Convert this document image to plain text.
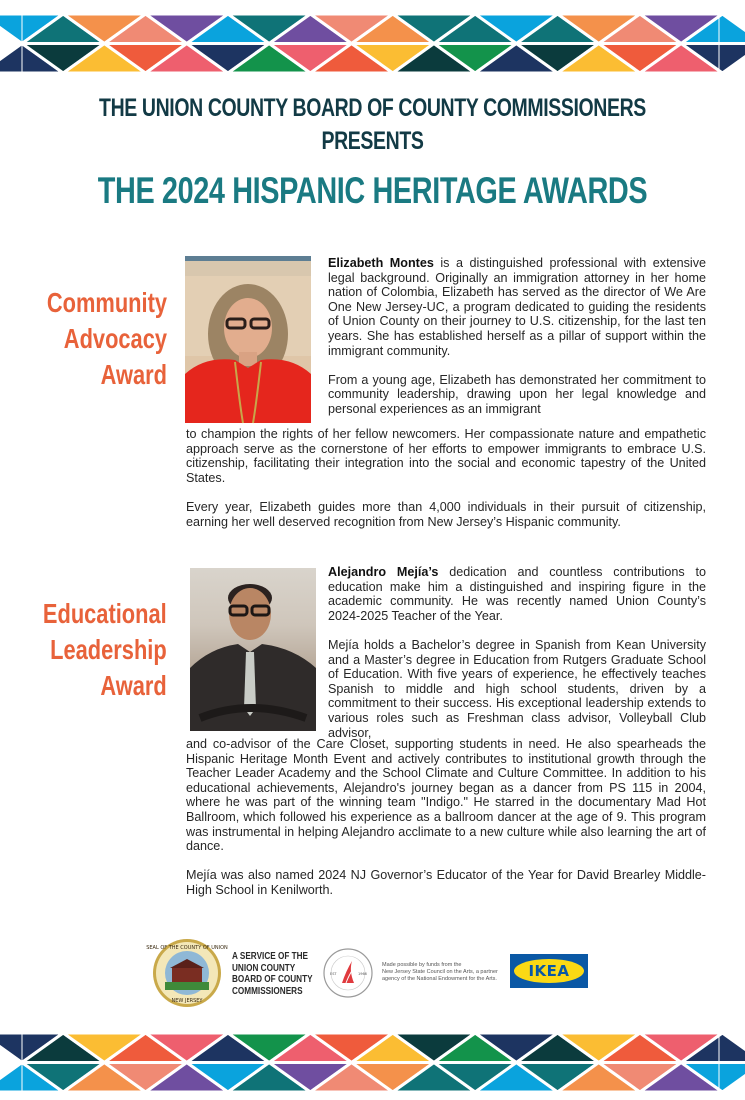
THE UNION COUNTY BOARD OF COUNTY COMMISSIONERS
PRESENTS
THE 2024 HISPANIC HERITAGE AWARDS
Community
Advocacy
Award

Elizabeth Montes is a distinguished professional with extensive legal background. Originally an immigration attorney in her home nation of Colombia, Elizabeth has served as the director of We Are One New Jersey-UC, a program dedicated to guiding the residents of Union County on their journey to U.S. citizenship, for the last ten years. She has established herself as a pillar of support within the immigrant community.

From a young age, Elizabeth has demonstrated her commitment to community leadership, drawing upon her legal knowledge and personal experiences as an immigrant

to champion the rights of her fellow newcomers. Her compassionate nature and empathetic approach serve as the cornerstone of her efforts to empower immigrants to embrace U.S. citizenship, facilitating their integration into the social and economic tapestry of the United States.

Every year, Elizabeth guides more than 4,000 individuals in their pursuit of citizenship, earning her well deserved recognition from New Jersey’s Hispanic community.

Educational
Leadership
Award

Alejandro Mejía’s dedication and countless contributions to education make him a distinguished and inspiring figure in the academic community. He was recently named Union County’s 2024-2025 Teacher of the Year.

Mejía holds a Bachelor’s degree in Spanish from Kean University and a Master’s degree in Education from Rutgers Graduate School of Education. With five years of experience, he effectively teaches Spanish to middle and high school students, driven by a commitment to their success. His exceptional leadership extends to various roles such as Freshman class advisor, Volleyball Club advisor,

and co-advisor of the Care Closet, supporting students in need. He also spearheads the Hispanic Heritage Month Event and actively contributes to institutional growth through the Teacher Leader Academy and the School Climate and Culture Committee. In addition to his educational achievements, Alejandro's journey began as a dancer from PS 115 in 2004, where he was part of the winning team "Indigo." He starred in the documentary Mad Hot Ballroom, which followed his experience as a ballroom dancer at the age of 9. This program was instrumental in helping Alejandro acclimate to a new culture while also learning the art of dance.

Mejía was also named 2024 NJ Governor’s Educator of the Year for David Brearley Middle-High School in Kenilworth.

SEAL OF THE COUNTY OF UNION
NEW JERSEY
A SERVICE OF THE
UNION COUNTY
BOARD OF COUNTY
COMMISSIONERS
EST	1966
Made possible by funds from the
New Jersey State Council on the Arts, a partner
agency of the National Endowment for the Arts.	IKEA
